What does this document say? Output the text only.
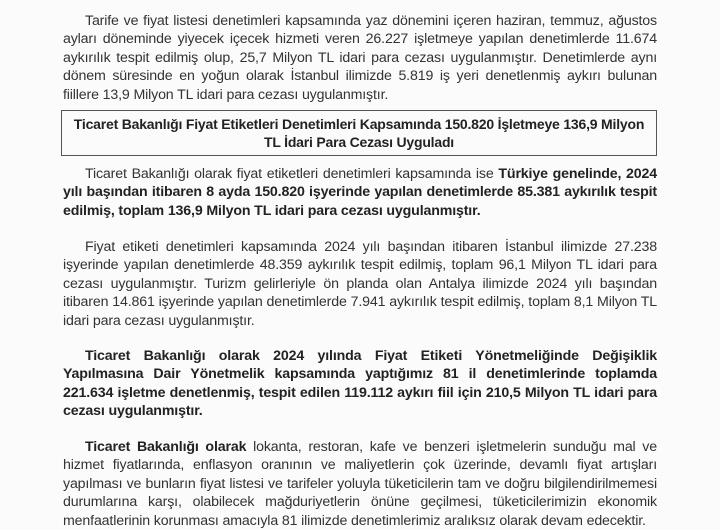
Tarife ve fiyat listesi denetimleri kapsamında yaz dönemini içeren haziran, temmuz, ağustos ayları döneminde yiyecek içecek hizmeti veren 26.227 işletmeye yapılan denetimlerde 11.674 aykırılık tespit edilmiş olup, 25,7 Milyon TL idari para cezası uygulanmıştır. Denetimlerde aynı dönem süresinde en yoğun olarak İstanbul ilimizde 5.819 iş yeri denetlenmiş aykırı bulunan fiillere 13,9 Milyon TL idari para cezası uygulanmıştır.

Ticaret Bakanlığı Fiyat Etiketleri Denetimleri Kapsamında 150.820 İşletmeye 136,9 Milyon TL İdari Para Cezası Uyguladı

Ticaret Bakanlığı olarak fiyat etiketleri denetimleri kapsamında ise Türkiye genelinde, 2024 yılı başından itibaren 8 ayda 150.820 işyerinde yapılan denetimlerde 85.381 aykırılık tespit edilmiş, toplam 136,9 Milyon TL idari para cezası uygulanmıştır.

Fiyat etiketi denetimleri kapsamında 2024 yılı başından itibaren İstanbul ilimizde 27.238 işyerinde yapılan denetimlerde 48.359 aykırılık tespit edilmiş, toplam 96,1 Milyon TL idari para cezası uygulanmıştır. Turizm gelirleriyle ön planda olan Antalya ilimizde 2024 yılı başından itibaren 14.861 işyerinde yapılan denetimlerde 7.941 aykırılık tespit edilmiş, toplam 8,1 Milyon TL idari para cezası uygulanmıştır.

Ticaret Bakanlığı olarak 2024 yılında Fiyat Etiketi Yönetmeliğinde Değişiklik Yapılmasına Dair Yönetmelik kapsamında yaptığımız 81 il denetimlerinde toplamda 221.634 işletme denetlenmiş, tespit edilen 119.112 aykırı fiil için 210,5 Milyon TL idari para cezası uygulanmıştır.

Ticaret Bakanlığı olarak lokanta, restoran, kafe ve benzeri işletmelerin sunduğu mal ve hizmet fiyatlarında, enflasyon oranının ve maliyetlerin çok üzerinde, devamlı fiyat artışları yapılması ve bunların fiyat listesi ve tarifeler yoluyla tüketicilerin tam ve doğru bilgilendirilmemesi durumlarına karşı, olabilecek mağduriyetlerin önüne geçilmesi, tüketicilerimizin ekonomik menfaatlerinin korunması amacıyla 81 ilimizde denetimlerimiz aralıksız olarak devam edecektir.
